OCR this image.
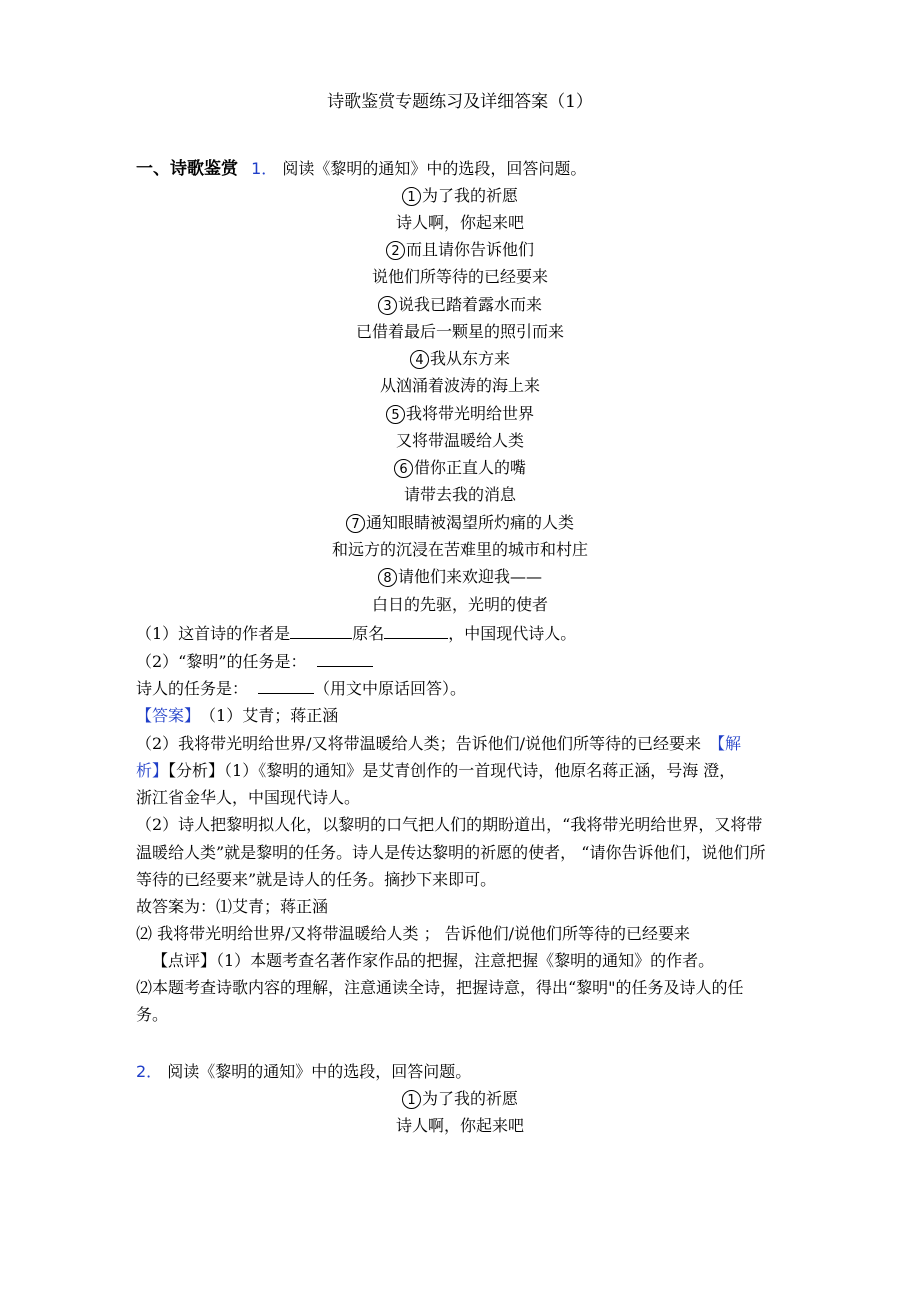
诗歌鉴赏专题练习及详细答案（1）
一、诗歌鉴赏 1． 阅读《黎明的通知》中的选段，回答问题。
1 为了我的祈愿
诗人啊，你起来吧
2 而且请你告诉他们
说他们所等待的已经要来
3 说我已踏着露水而来
已借着最后一颗星的照引而来
4 我从东方来
从汹涌着波涛的海上来
5 我将带光明给世界
又将带温暖给人类
6 借你正直人的嘴
请带去我的消息
7 通知眼睛被渴望所灼痛的人类
和远方的沉浸在苦难里的城市和村庄
8 请他们来欢迎我——
白日的先驱，光明的使者
（1）这首诗的作者是	原名	，中国现代诗人。
（2）“黎明”的任务是：
诗人的任务是：	（用文中原话回答）。
【答案】 （1）艾青；蒋正涵
（2）我将带光明给世界/又将带温暖给人类；告诉他们/说他们所等待的已经要来 【解
析】【分析】（1）《黎明的通知》是艾青创作的一首现代诗，他原名蒋正涵，号海 澄，
浙江省金华人，中国现代诗人。
（2）诗人把黎明拟人化，以黎明的口气把人们的期盼道出，“我将带光明给世界，又将带
温暖给人类”就是黎明的任务。诗人是传达黎明的祈愿的使者， “请你告诉他们，说他们所
等待的已经要来”就是诗人的任务。摘抄下来即可。
故答案为：⑴艾青；蒋正涵
⑵ 我将带光明给世界/又将带温暖给人类 ； 告诉他们/说他们所等待的已经要来
【点评】（1）本题考查名著作家作品的把握，注意把握《黎明的通知》的作者。
⑵本题考查诗歌内容的理解，注意通读全诗，把握诗意，得出“黎明"的任务及诗人的任
务。
2． 阅读《黎明的通知》中的选段，回答问题。
1 为了我的祈愿
诗人啊，你起来吧
